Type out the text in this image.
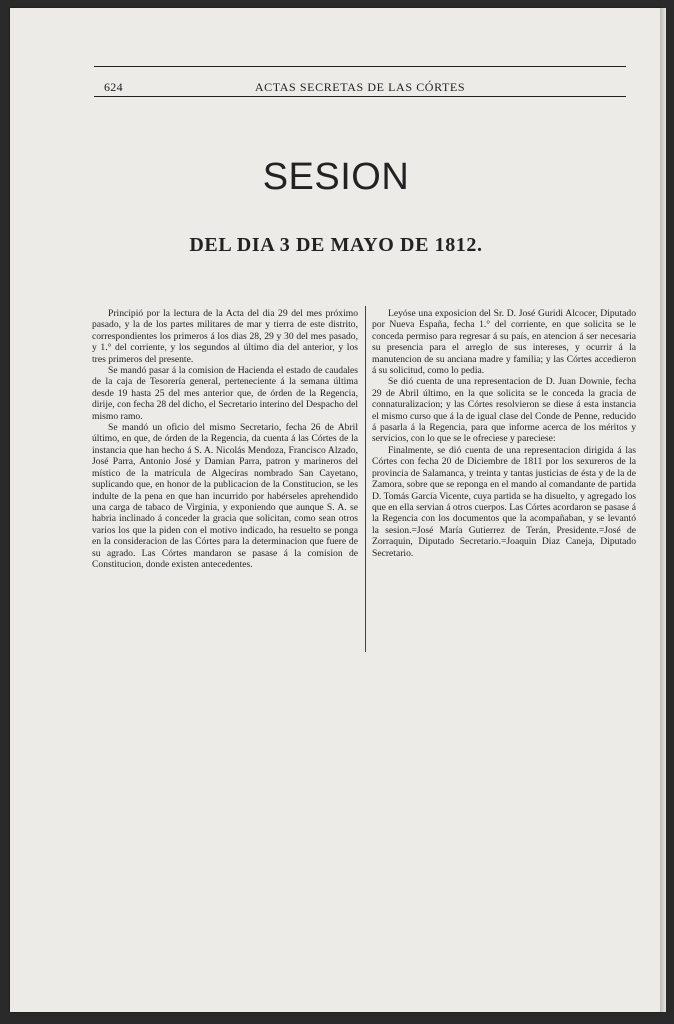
624	ACTAS SECRETAS DE LAS CÓRTES
SESION
DEL DIA 3 DE MAYO DE 1812.

Principió por la lectura de la Acta del dia 29 del mes próximo pasado, y la de los partes militares de mar y tierra de este distrito, correspondientes los primeros á los dias 28, 29 y 30 del mes pasado, y 1.° del corriente, y los segundos al último dia del anterior, y los tres primeros del presente.

Se mandó pasar á la comision de Hacienda el estado de caudales de la caja de Tesorería general, perteneciente á la semana última desde 19 hasta 25 del mes anterior que, de órden de la Regencia, dirije, con fecha 28 del dicho, el Secretario interino del Despacho del mismo ramo.

Se mandó un oficio del mismo Secretario, fecha 26 de Abril último, en que, de órden de la Regencia, da cuenta á las Córtes de la instancia que han hecho á S. A. Nicolás Mendoza, Francisco Alzado, José Parra, Antonio José y Damian Parra, patron y marineros del místico de la matrícula de Algeciras nombrado San Cayetano, suplicando que, en honor de la publicacion de la Constitucion, se les indulte de la pena en que han incurrido por habérseles aprehendido una carga de tabaco de Virginia, y exponiendo que aunque S. A. se habria inclinado á conceder la gracia que solicitan, como sean otros varios los que la piden con el motivo indicado, ha resuelto se ponga en la consideracion de las Córtes para la determinacion que fuere de su agrado. Las Córtes mandaron se pasase á la comision de Constitucion, donde existen antecedentes.

Leyóse una exposicion del Sr. D. José Guridi Alcocer, Diputado por Nueva España, fecha 1.° del corriente, en que solicita se le conceda permiso para regresar á su país, en atencion á ser necesaria su presencia para el arreglo de sus intereses, y ocurrir á la manutencion de su anciana madre y familia; y las Córtes accedieron á su solicitud, como lo pedia.

Se dió cuenta de una representacion de D. Juan Downie, fecha 29 de Abril último, en la que solicita se le conceda la gracia de connaturalizacion; y las Córtes resolvieron se diese á esta instancia el mismo curso que á la de igual clase del Conde de Penne, reducido á pasarla á la Regencia, para que informe acerca de los méritos y servicios, con lo que se le ofreciese y pareciese:

Finalmente, se dió cuenta de una representacion dirigida á las Córtes con fecha 20 de Diciembre de 1811 por los sexureros de la provincia de Salamanca, y treinta y tantas justicias de ésta y de la de Zamora, sobre que se reponga en el mando al comandante de partida D. Tomás García Vicente, cuya partida se ha disuelto, y agregado los que en ella servian á otros cuerpos. Las Córtes acordaron se pasase á la Regencia con los documentos que la acompañaban, y se levantó la sesion.=José María Gutierrez de Terán, Presidente.=José de Zorraquin, Diputado Secretario.=Joaquin Diaz Caneja, Diputado Secretario.
